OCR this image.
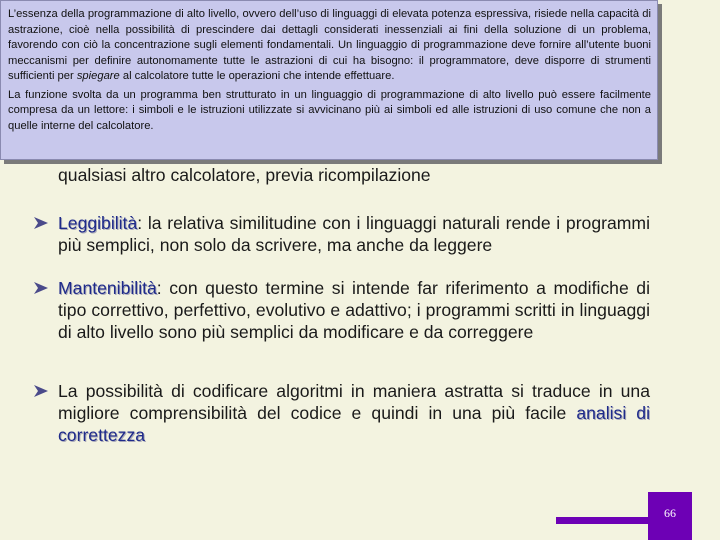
qualsiasi altro calcolatore, previa ricompilazione
Leggibilità: la relativa similitudine con i linguaggi naturali rende i programmi più semplici, non solo da scrivere, ma anche da leggere
Mantenibilità: con questo termine si intende far riferimento a modifiche di tipo correttivo, perfettivo, evolutivo e adattivo; i programmi scritti in linguaggi di alto livello sono più semplici da modificare e da correggere
La possibilità di codificare algoritmi in maniera astratta si traduce in una migliore comprensibilità del codice e quindi in una più facile analisi di correttezza

L’essenza della programmazione di alto livello, ovvero dell’uso di linguaggi di elevata potenza espressiva, risiede nella capacità di astrazione, cioè nella possibilità di prescindere dai dettagli considerati inessenziali ai fini della soluzione di un problema, favorendo con ciò la concentrazione sugli elementi fondamentali. Un linguaggio di programmazione deve fornire all’utente buoni meccanismi per definire autonomamente tutte le astrazioni di cui ha bisogno: il programmatore, deve disporre di strumenti sufficienti per spiegare al calcolatore tutte le operazioni che intende effettuare.

La funzione svolta da un programma ben strutturato in un linguaggio di programmazione di alto livello può essere facilmente compresa da un lettore: i simboli e le istruzioni utilizzate si avvicinano più ai simboli ed alle istruzioni di uso comune che non a quelle interne del calcolatore.

66
